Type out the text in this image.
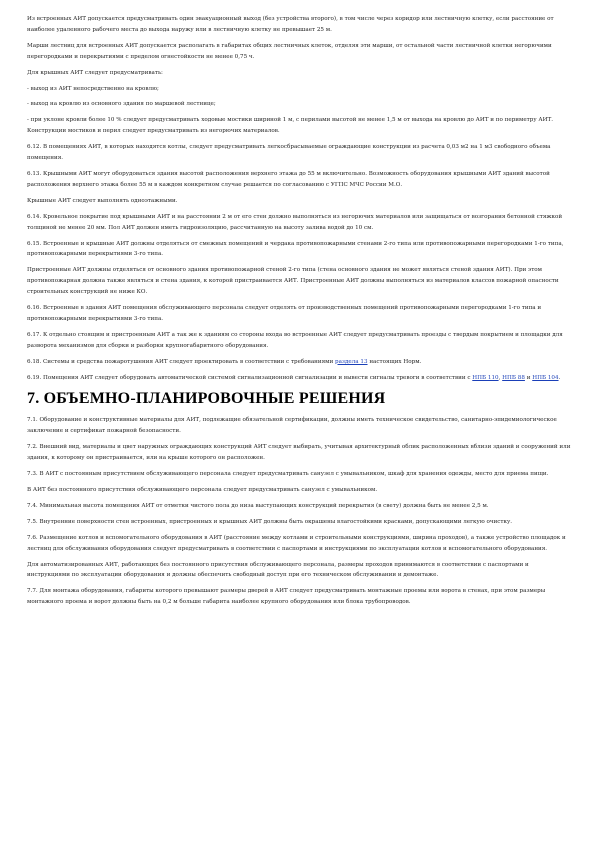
Из встроенных АИТ допускается предусматривать один эвакуационный выход (без устройства второго), в том числе через коридор или лестничную клетку, если расстояние от наиболее удаленного рабочего места до выхода наружу или в лестничную клетку не превышает 25 м.

Марши лестниц для встроенных АИТ допускается располагать в габаритах общих лестничных клеток, отделяя эти марши, от остальной части лестничной клетки негорючими перегородками и перекрытиями с пределом огнестойкости не менее 0,75 ч.

Для крышных АИТ следует предусматривать:

- выход из АИТ непосредственно на кровлю;

- выход на кровлю из основного здания по маршевой лестнице;

- при уклоне кровли более 10 % следует предусматривать ходовые мостики шириной 1 м, с перилами высотой не менее 1,5 м от выхода на кровлю до АИТ и по периметру АИТ. Конструкции мостиков и перил следует предусматривать из негорючих материалов.

6.12. В помещениях АИТ, в которых находятся котлы, следует предусматривать легкосбрасываемые ограждающие конструкции из расчета 0,03 м2 на 1 м3 свободного объема помещения.

6.13. Крышными АИТ могут оборудоваться здания высотой расположения верхнего этажа до 55 м включительно. Возможность оборудования крышными АИТ зданий высотой расположения верхнего этажа более 55 м в каждом конкретном случае решается по согласованию с УГПС МЧС России М.О.

Крышные АИТ следует выполнять одноэтажными.

6.14. Кровельное покрытие под крышными АИТ и на расстоянии 2 м от его стен должно выполняться из негорючих материалов или защищаться от возгорания бетонной стяжкой толщиной не менее 20 мм. Пол АИТ должен иметь гидроизоляцию, рассчитанную на высоту залива водой до 10 см.

6.15. Встроенные и крышные АИТ должны отделяться от смежных помещений и чердака противопожарными стенами 2-го типа или противопожарными перегородками 1-го типа, противопожарными перекрытиями 3-го типа.

Пристроенные АИТ должны отделяться от основного здания противопожарной стеной 2-го типа (стена основного здания не может являться стеной здания АИТ). При этом противопожарная должна также являться и стена здания, к которой пристраивается АИТ. Пристроенные АИТ должны выполняться из материалов классов пожарной опасности строительных конструкций не ниже КО.

6.16. Встроенные в здания АИТ помещения обслуживающего персонала следует отделять от производственных помещений противопожарными перегородками 1-го типа и противопожарными перекрытиями 3-го типа.

6.17. К отдельно стоящим и пристроенным АИТ а так же к зданиям со стороны входа во встроенные АИТ следует предусматривать проезды с твердым покрытием и площадки для разворота механизмов для сборки и разборки крупногабаритного оборудования.

6.18. Системы и средства пожаротушения АИТ следует проектировать в соответствии с требованиями раздела 13 настоящих Норм.

6.19. Помещения АИТ следует оборудовать автоматической системой сигнализационной сигнализации и вывести сигналы тревоги в соответствии с НПБ 110, НПБ 88 и НПБ 104.

7. ОБЪЕМНО-ПЛАНИРОВОЧНЫЕ РЕШЕНИЯ

7.1. Оборудование и конструктивные материалы для АИТ, подлежащие обязательной сертификации, должны иметь техническое свидетельство, санитарно-эпидемиологическое заключение и сертификат пожарной безопасности.

7.2. Внешний вид, материалы и цвет наружных ограждающих конструкций АИТ следует выбирать, учитывая архитектурный облик расположенных вблизи зданий и сооружений или здания, к которому он пристраивается, или на крыше которого он расположен.

7.3. В АИТ с постоянным присутствием обслуживающего персонала следует предусматривать санузел с умывальником, шкаф для хранения одежды, место для приема пищи.

В АИТ без постоянного присутствия обслуживающего персонала следует предусматривать санузел с умывальником.

7.4. Минимальная высота помещения АИТ от отметки чистого пола до низа выступающих конструкций перекрытия (в свету) должна быть не менее 2,5 м.

7.5. Внутренние поверхности стен встроенных, пристроенных и крышных АИТ должны быть окрашены влагостойкими красками, допускающими легкую очистку.

7.6. Размещение котлов и вспомогательного оборудования в АИТ (расстояние между котлами и строительными конструкциями, ширина проходов), а также устройство площадок и лестниц для обслуживания оборудования следует предусматривать в соответствии с паспортами и инструкциями по эксплуатации котлов и вспомогательного оборудования.

Для автоматизированных АИТ, работающих без постоянного присутствия обслуживающего персонала, размеры проходов принимаются в соответствии с паспортами и инструкциями по эксплуатации оборудования и должны обеспечить свободный доступ при его техническом обслуживании и демонтаже.

7.7. Для монтажа оборудования, габариты которого превышают размеры дверей в АИТ следует предусматривать монтажные проемы или ворота в стенах, при этом размеры монтажного проема и ворот должны быть на 0,2 м больше габарита наиболее крупного оборудования или блока трубопроводов.
